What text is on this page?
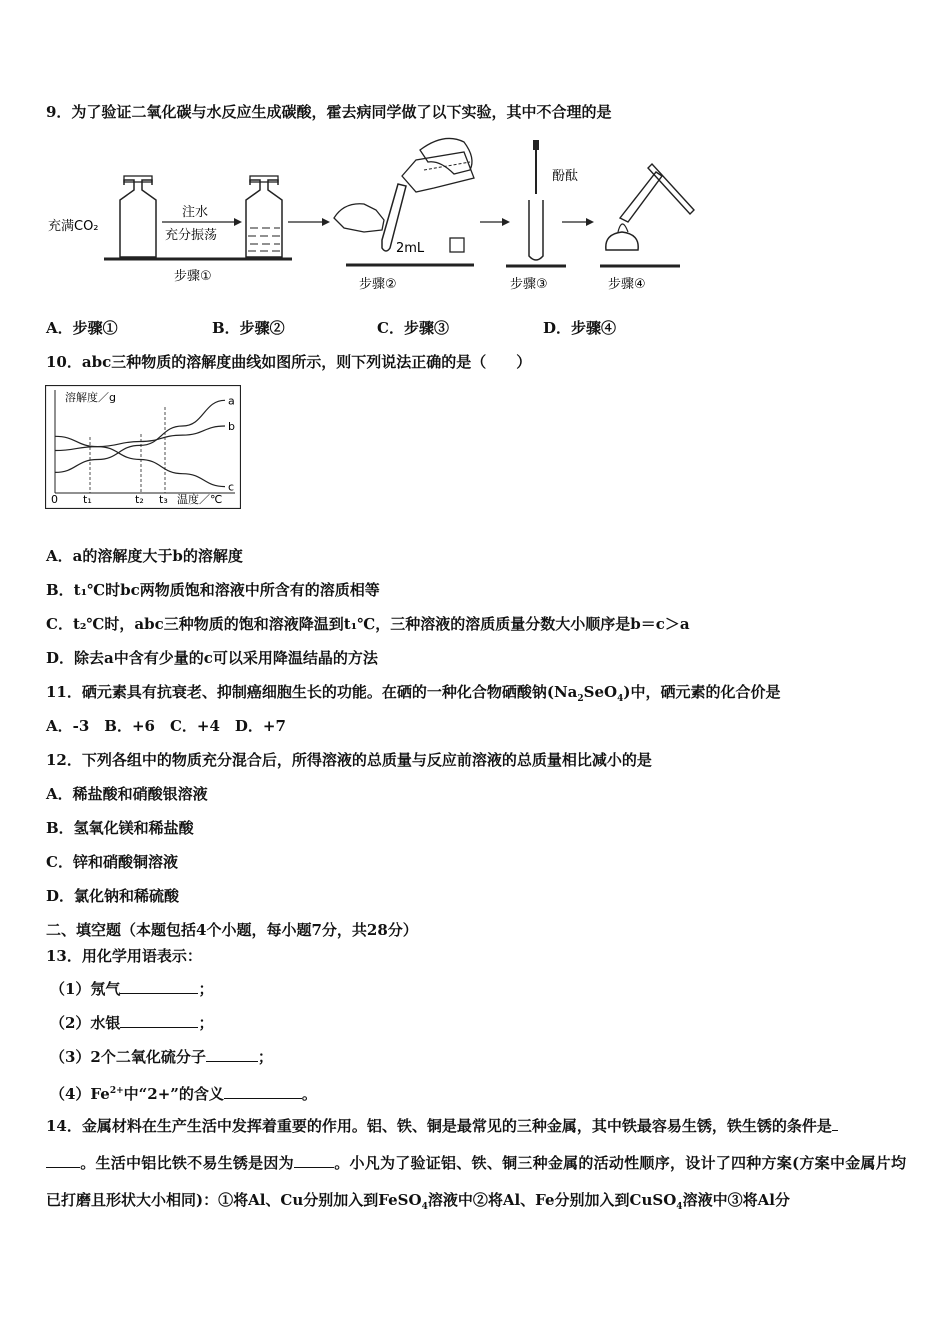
9．为了验证二氧化碳与水反应生成碳酸，霍去病同学做了以下实验，其中不合理的是
充满CO₂
注水
充分振荡
步骤①
2mL
步骤②
酚酞
步骤③	步骤④
A．步骤①	B．步骤②	C．步骤③	D．步骤④
10．abc三种物质的溶解度曲线如图所示，则下列说法正确的是（　　）
溶解度／g
温度／℃
0 t₁	t₂ t₃
a
b
c
A．a的溶解度大于b的溶解度
B．t₁℃时bc两物质饱和溶液中所含有的溶质相等
C．t₂℃时，abc三种物质的饱和溶液降温到t₁℃，三种溶液的溶质质量分数大小顺序是b＝c＞a
D．除去a中含有少量的c可以采用降温结晶的方法
11．硒元素具有抗衰老、抑制癌细胞生长的功能。在硒的一种化合物硒酸钠$(Na_2SeO_4)$中，硒元素的化合价是
A．-3　B．+6　C．+4　D．+7
12．下列各组中的物质充分混合后，所得溶液的总质量与反应前溶液的总质量相比减小的是
A．稀盐酸和硝酸银溶液
B．氢氧化镁和稀盐酸
C．锌和硝酸铜溶液
D．氯化钠和稀硫酸
二、填空题（本题包括4个小题，每小题7分，共28分）
13．用化学用语表示：
（1）氖气	；
（2）水银	；
（3）2个二氧化硫分子	；
$(4)Fe^{2+}$中“2+”的含义	。
14．金属材料在生产生活中发挥着重要的作用。铝、铁、铜是最常见的三种金属，其中铁最容易生锈，铁生锈的条件是
。生活中铝比铁不易生锈是因为	。小凡为了验证铝、铁、铜三种金属的活动性顺序，设计了四种方案(方案中金属片均已打磨且形状大小相同)：①将Al、Cu分别加入到FeSO$_4$溶液中②将Al、Fe分别加入到CuSO$_4$溶液中③将Al分
